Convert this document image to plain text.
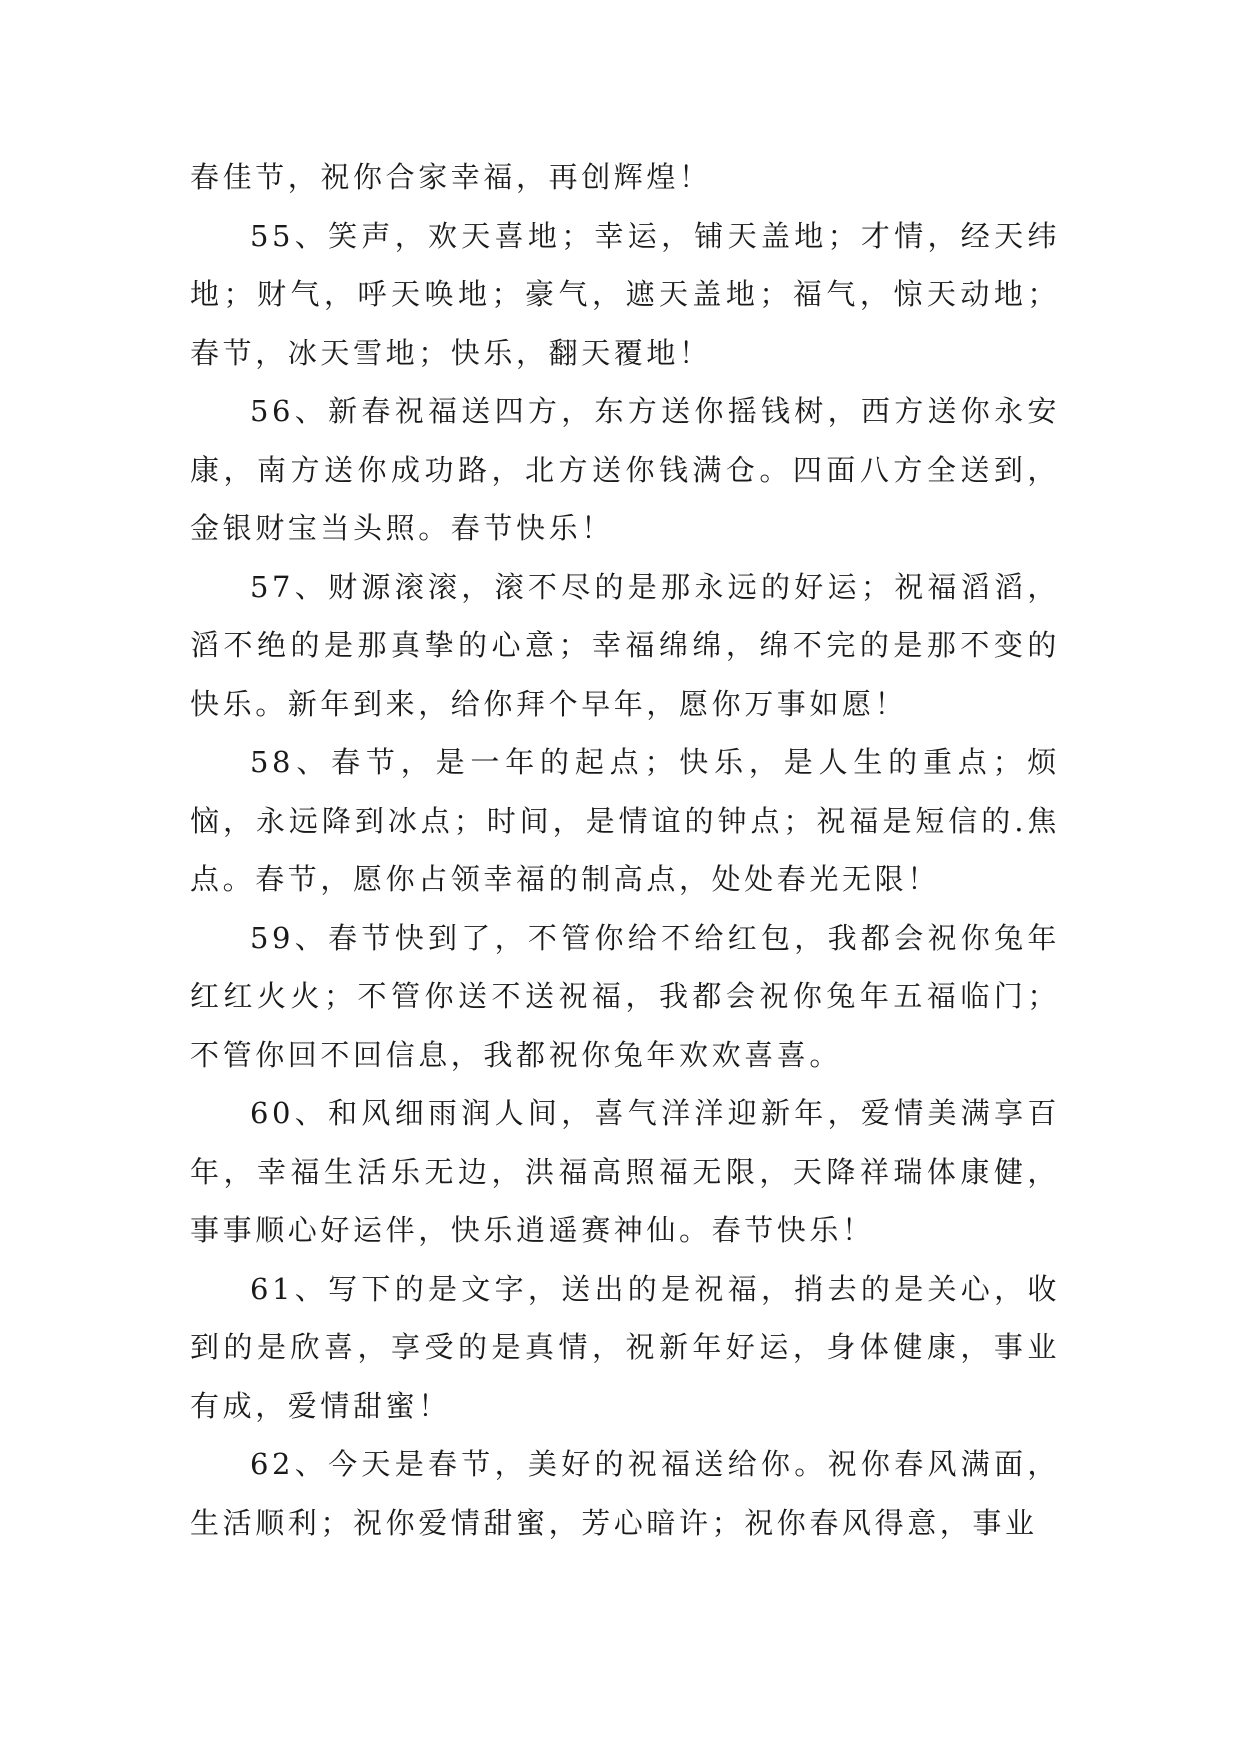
春佳节，祝你合家幸福，再创辉煌！

55、笑声，欢天喜地；幸运，铺天盖地；才情，经天纬地；财气，呼天唤地；豪气，遮天盖地；福气，惊天动地；春节，冰天雪地；快乐，翻天覆地！

56、新春祝福送四方，东方送你摇钱树，西方送你永安康，南方送你成功路，北方送你钱满仓。四面八方全送到，金银财宝当头照。春节快乐！

57、财源滚滚，滚不尽的是那永远的好运；祝福滔滔，滔不绝的是那真挚的心意；幸福绵绵，绵不完的是那不变的快乐。新年到来，给你拜个早年，愿你万事如愿！

58、春节，是一年的起点；快乐，是人生的重点；烦恼，永远降到冰点；时间，是情谊的钟点；祝福是短信的.焦点。春节，愿你占领幸福的制高点，处处春光无限！

59、春节快到了，不管你给不给红包，我都会祝你兔年红红火火；不管你送不送祝福，我都会祝你兔年五福临门；不管你回不回信息，我都祝你兔年欢欢喜喜。

60、和风细雨润人间，喜气洋洋迎新年，爱情美满享百年，幸福生活乐无边，洪福高照福无限，天降祥瑞体康健，事事顺心好运伴，快乐逍遥赛神仙。春节快乐！

61、写下的是文字，送出的是祝福，捎去的是关心，收到的是欣喜，享受的是真情，祝新年好运，身体健康，事业有成，爱情甜蜜！

62、今天是春节，美好的祝福送给你。祝你春风满面，生活顺利；祝你爱情甜蜜，芳心暗许；祝你春风得意，事业
